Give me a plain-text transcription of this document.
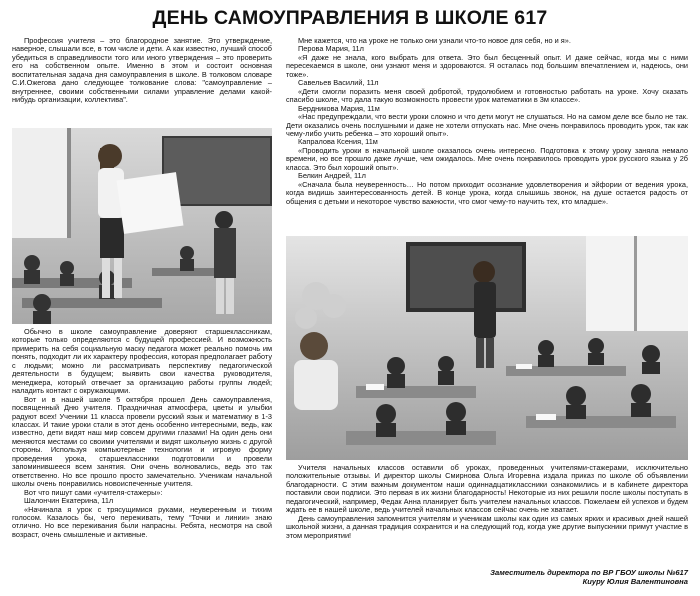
ДЕНЬ САМОУПРАВЛЕНИЯ В ШКОЛЕ 617

Профессия учителя – это благородное занятие. Это утверждение, наверное, слышали все, в том числе и дети. А как известно, лучший способ убедиться в справедливости того или иного утверждения – это проверить его на собственном опыте. Именно в этом и состоит основная воспитательная задача дня самоуправления в школе. В толковом словаре С.И.Ожегова дано следующее толкование слова: "самоуправление – внутреннее, своими собственными силами управление делами какой-нибудь организации, коллектива".

Обычно в школе самоуправление доверяют старшеклассникам, которые только определяются с будущей профессией. И возможность примерить на себя социальную маску педагога может реально помочь им понять, подходит ли их характеру профессия, которая предполагает работу с людьми; можно ли рассматривать перспективу педагогической деятельности в будущем; выявить свои качества руководителя, менеджера, который отвечает за организацию работы группы людей; наладить контакт с окружающими.

Вот и в нашей школе 5 октября прошел День самоуправления, посвященный Дню учителя. Праздничная атмосфера, цветы и улыбки радуют всех! Ученики 11 класса провели русский язык и математику в 1-3 классах. И такие уроки стали в этот день особенно интересными, ведь, как известно, дети видят наш мир совсем другими глазами! На один день они меняются местами со своими учителями и видят школьную жизнь с другой стороны. Используя компьютерные технологии и игровую форму проведения урока, старшеклассники подготовили и провели запоминившееся всем занятия. Они очень волновались, ведь это так ответственно. Но все прошло просто замечательно. Ученикам начальной школы очень понравились новоиспеченные учителя.

Вот что пишут сами «учителя-стажеры»:

Шалончин Екатерина, 11л

«Начинала я урок с трясущимися руками, неуверенным и тихим голосом. Казалось бы, чего переживать, тему “Точки и линии» знаю отлично. Но все переживания были напрасны. Ребята, несмотря на свой возраст, очень смышленые и активные.

Мне кажется, что на уроке не только они узнали что-то новое для себя, но и я».

Перова Мария, 11л

«Я даже не знала, кого выбрать для ответа. Это был бесценный опыт. И даже сейчас, когда мы с ними пересекаемся в школе, они узнают меня и здороваются. Я осталась под большим впечатлением и, надеюсь, они тоже».

Савельев Василий, 11л

«Дети смогли поразить меня своей добротой, трудолюбием и готовностью работать на уроке. Хочу сказать спасибо школе, что дала такую возможность провести урок математики в 3м классе».

Бердникова Мария, 11м

«Нас предупреждали, что вести уроки сложно и что дети могут не слушаться. Но на самом деле все было не так. Дети оказались очень послушными и даже не хотели отпускать нас. Мне очень понравилось проводить урок, так как чему-либо учить ребенка – это хороший опыт».

Капралова Ксения, 11м

«Проводить уроки в начальной школе оказалось очень интересно. Подготовка к этому уроку заняла немало времени, но все прошло даже лучше, чем ожидалось. Мне очень понравилось проводить урок русского языка у 2б класса. Это был хороший опыт».

Белкин Андрей, 11л

«Сначала была неуверенность… Но потом приходит осознание удовлетворения и эйфории от ведения урока, когда видишь заинтересованность детей. В конце урока, когда слышишь звонок, на душе остается радость от общения с детьми и некоторое чувство важности, что смог чему-то научить тех, кто младше».

Учителя начальных классов оставили об уроках, проведенных учителями-стажерами, исключительно положительные отзывы. И директор школы Смирнова Ольга Игоревна издала приказ по школе об объявлении благодарности. С этим важным документом наши одиннадцатиклассники ознакомились и в кабинете директора поставили свои подписи. Это первая в их жизни благодарность! Некоторые из них решили после школы поступать в педагогический, например, Федак Анна планирует быть учителем начальных классов. Пожелаем ей успехов и будем ждать ее в нашей школе, ведь учителей начальных классов сейчас очень не хватает.

День самоуправления запомнится учителям и ученикам школы как один из самых ярких и красивых дней нашей школьной жизни, а данная традиция сохранится и на следующий год, когда уже другие выпускники примут участие в этом мероприятии!

Заместитель директора по ВР ГБОУ школы №617
Киуру Юлия Валентиновна
